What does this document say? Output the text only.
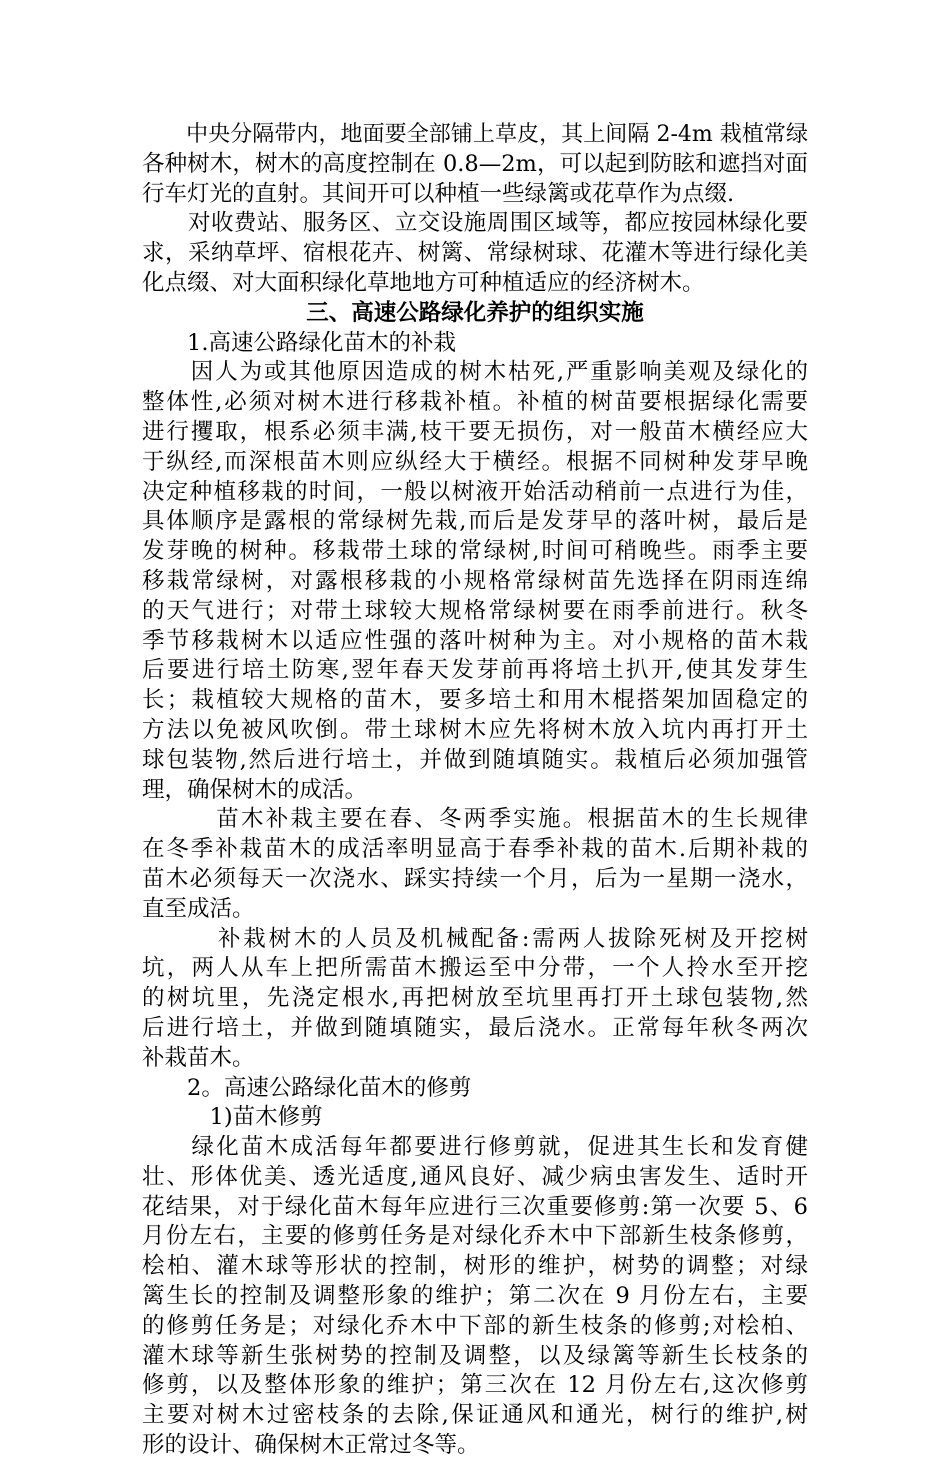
　　中央分隔带内，地面要全部铺上草皮，其上间隔 2-4m 栽植常绿
各种树木，树木的高度控制在 0.8—2m，可以起到防眩和遮挡对面
行车灯光的直射。其间开可以种植一些绿篱或花草作为点缀.
　　对收费站、服务区、立交设施周围区域等，都应按园林绿化要
求，采纳草坪、宿根花卉、树篱、常绿树球、花灌木等进行绿化美
化点缀、对大面积绿化草地地方可种植适应的经济树木。
三、高速公路绿化养护的组织实施
　　1.高速公路绿化苗木的补栽
　　因人为或其他原因造成的树木枯死,严重影响美观及绿化的
整体性,必须对树木进行移栽补植。补植的树苗要根据绿化需要
进行攫取，根系必须丰满,枝干要无损伤，对一般苗木横经应大
于纵经,而深根苗木则应纵经大于横经。根据不同树种发芽早晚
决定种植移栽的时间，一般以树液开始活动稍前一点进行为佳，
具体顺序是露根的常绿树先栽,而后是发芽早的落叶树，最后是
发芽晚的树种。移栽带土球的常绿树,时间可稍晚些。雨季主要
移栽常绿树，对露根移栽的小规格常绿树苗先选择在阴雨连绵
的天气进行；对带土球较大规格常绿树要在雨季前进行。秋冬
季节移栽树木以适应性强的落叶树种为主。对小规格的苗木栽
后要进行培土防寒,翌年春天发芽前再将培土扒开,使其发芽生
长；栽植较大规格的苗木，要多培土和用木棍搭架加固稳定的
方法以免被风吹倒。带土球树木应先将树木放入坑内再打开土
球包装物,然后进行培土，并做到随填随实。栽植后必须加强管
理，确保树木的成活。
　　　苗木补栽主要在春、冬两季实施。根据苗木的生长规律
在冬季补栽苗木的成活率明显高于春季补栽的苗木.后期补栽的
苗木必须每天一次浇水、踩实持续一个月，后为一星期一浇水，
直至成活。
　　　补栽树木的人员及机械配备:需两人拔除死树及开挖树
坑，两人从车上把所需苗木搬运至中分带，一个人拎水至开挖
的树坑里，先浇定根水,再把树放至坑里再打开土球包装物,然
后进行培土，并做到随填随实，最后浇水。正常每年秋冬两次
补栽苗木。
　　2。高速公路绿化苗木的修剪
　　　1)苗木修剪
　　绿化苗木成活每年都要进行修剪就，促进其生长和发育健
壮、形体优美、透光适度,通风良好、减少病虫害发生、适时开
花结果，对于绿化苗木每年应进行三次重要修剪:第一次要 5、6
月份左右，主要的修剪任务是对绿化乔木中下部新生枝条修剪，
桧柏、灌木球等形状的控制，树形的维护，树势的调整；对绿
篱生长的控制及调整形象的维护；第二次在 9 月份左右，主要
的修剪任务是；对绿化乔木中下部的新生枝条的修剪;对桧柏、
灌木球等新生张树势的控制及调整，以及绿篱等新生长枝条的
修剪，以及整体形象的维护；第三次在 12 月份左右,这次修剪
主要对树木过密枝条的去除,保证通风和通光，树行的维护,树
形的设计、确保树木正常过冬等。
